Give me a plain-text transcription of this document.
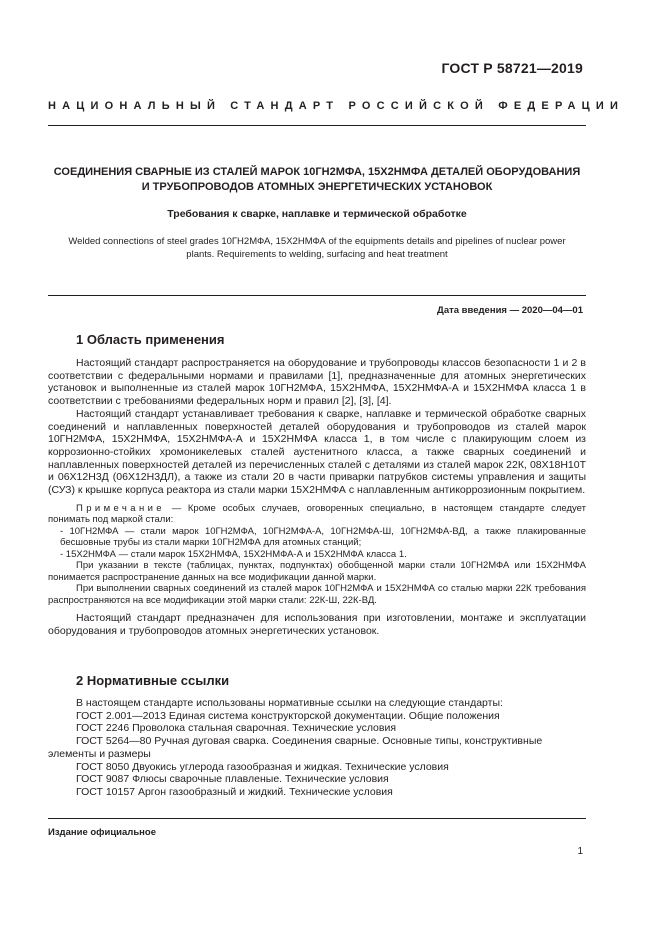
ГОСТ Р 58721—2019
НАЦИОНАЛЬНЫЙ СТАНДАРТ РОССИЙСКОЙ ФЕДЕРАЦИИ
СОЕДИНЕНИЯ СВАРНЫЕ ИЗ СТАЛЕЙ МАРОК 10ГН2МФА, 15Х2НМФА ДЕТАЛЕЙ ОБОРУДОВАНИЯ
И ТРУБОПРОВОДОВ АТОМНЫХ ЭНЕРГЕТИЧЕСКИХ УСТАНОВОК
Требования к сварке, наплавке и термической обработке
Welded connections of steel grades 10ГН2МФА, 15Х2НМФА of the equipments details and pipelines of nuclear power plants. Requirements to welding, surfacing and heat treatment
Дата введения — 2020—04—01
1 Область применения

Настоящий стандарт распространяется на оборудование и трубопроводы классов безопасности 1 и 2 в соответствии с федеральными нормами и правилами [1], предназначенные для атомных энергетических установок и выполненные из сталей марок 10ГН2МФА, 15Х2НМФА, 15Х2НМФА-А и 15Х2НМФА класса 1 в соответствии с требованиями федеральных норм и правил [2], [3], [4].

Настоящий стандарт устанавливает требования к сварке, наплавке и термической обработке сварных соединений и наплавленных поверхностей деталей оборудования и трубопроводов из сталей марок 10ГН2МФА, 15Х2НМФА, 15Х2НМФА-А и 15Х2НМФА класса 1, в том числе с плакирующим слоем из коррозионно-стойких хромоникелевых сталей аустенитного класса, а также сварных соединений и наплавленных поверхностей деталей из перечисленных сталей с деталями из сталей марок 22К, 08Х18Н10Т и 06Х12Н3Д (06Х12Н3ДЛ), а также из стали 20 в части приварки патрубков системы управления и защиты (СУЗ) к крышке корпуса реактора из стали марки 15Х2НМФА с наплавленным антикоррозионным покрытием.

Примечание — Кроме особых случаев, оговоренных специально, в настоящем стандарте следует понимать под маркой стали:

- 10ГН2МФА — стали марок 10ГН2МФА, 10ГН2МФА-А, 10ГН2МФА-Ш, 10ГН2МФА-ВД, а также плакированные бесшовные трубы из стали марки 10ГН2МФА для атомных станций;

- 15Х2НМФА — стали марок 15Х2НМФА, 15Х2НМФА-А и 15Х2НМФА класса 1.

При указании в тексте (таблицах, пунктах, подпунктах) обобщенной марки стали 10ГН2МФА или 15Х2НМФА понимается распространение данных на все модификации данной марки.

При выполнении сварных соединений из сталей марок 10ГН2МФА и 15Х2НМФА со сталью марки 22К требования распространяются на все модификации этой марки стали: 22К-Ш, 22К-ВД.

Настоящий стандарт предназначен для использования при изготовлении, монтаже и эксплуатации оборудования и трубопроводов атомных энергетических установок.

2 Нормативные ссылки

В настоящем стандарте использованы нормативные ссылки на следующие стандарты:

ГОСТ 2.001—2013 Единая система конструкторской документации. Общие положения
ГОСТ 2246 Проволока стальная сварочная. Технические условия
ГОСТ 5264—80 Ручная дуговая сварка. Соединения сварные. Основные типы, конструктивные элементы и размеры
ГОСТ 8050 Двуокись углерода газообразная и жидкая. Технические условия
ГОСТ 9087 Флюсы сварочные плавленые. Технические условия
ГОСТ 10157 Аргон газообразный и жидкий. Технические условия
Издание официальное
1
